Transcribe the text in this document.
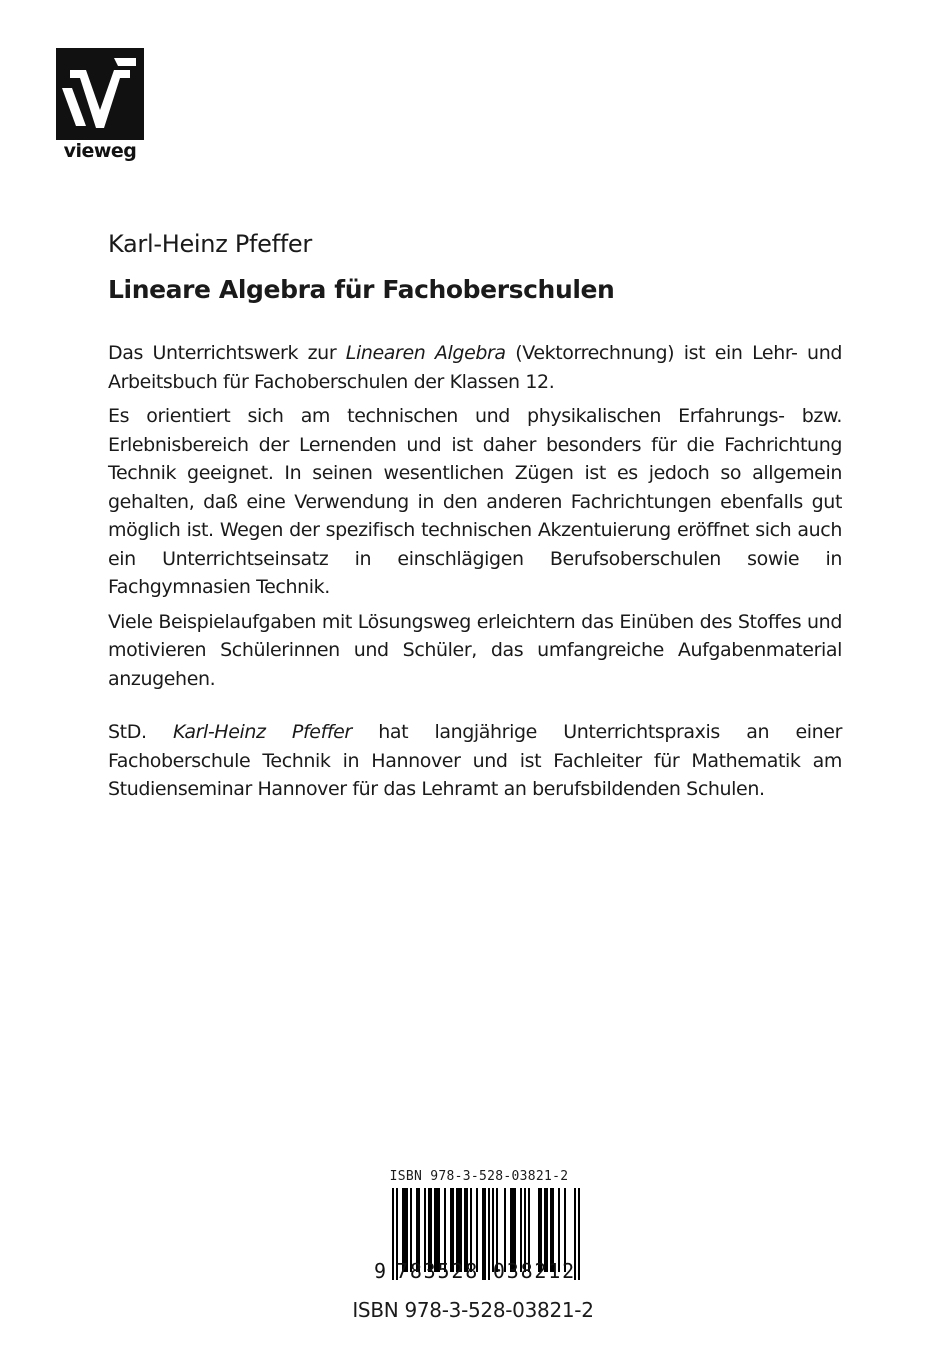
vieweg
Karl-Heinz Pfeffer
Lineare Algebra für Fachoberschulen

Das Unterrichtswerk zur Linearen Algebra (Vektorrechnung) ist ein Lehr- und Arbeitsbuch für Fachoberschulen der Klassen 12.

Es orientiert sich am technischen und physikalischen Erfahrungs- bzw. Erlebnisbereich der Lernenden und ist daher besonders für die Fachrichtung Technik geeignet. In seinen wesentlichen Zügen ist es jedoch so allgemein gehalten, daß eine Verwendung in den anderen Fachrichtungen ebenfalls gut möglich ist. Wegen der spezifisch technischen Akzentuierung eröffnet sich auch ein Unterrichtseinsatz in einschlägigen Berufsoberschulen sowie in Fachgymnasien Technik.

Viele Beispielaufgaben mit Lösungsweg erleichtern das Einüben des Stoffes und motivieren Schülerinnen und Schüler, das umfangreiche Aufgabenmaterial anzugehen.

StD. Karl-Heinz Pfeffer hat langjährige Unterrichtspraxis an einer Fachoberschule Technik in Hannover und ist Fachleiter für Mathematik am Studienseminar Hannover für das Lehramt an berufsbildenden Schulen.

ISBN 978-3-528-03821-2

9 783528 038212

ISBN 978-3-528-03821-2
